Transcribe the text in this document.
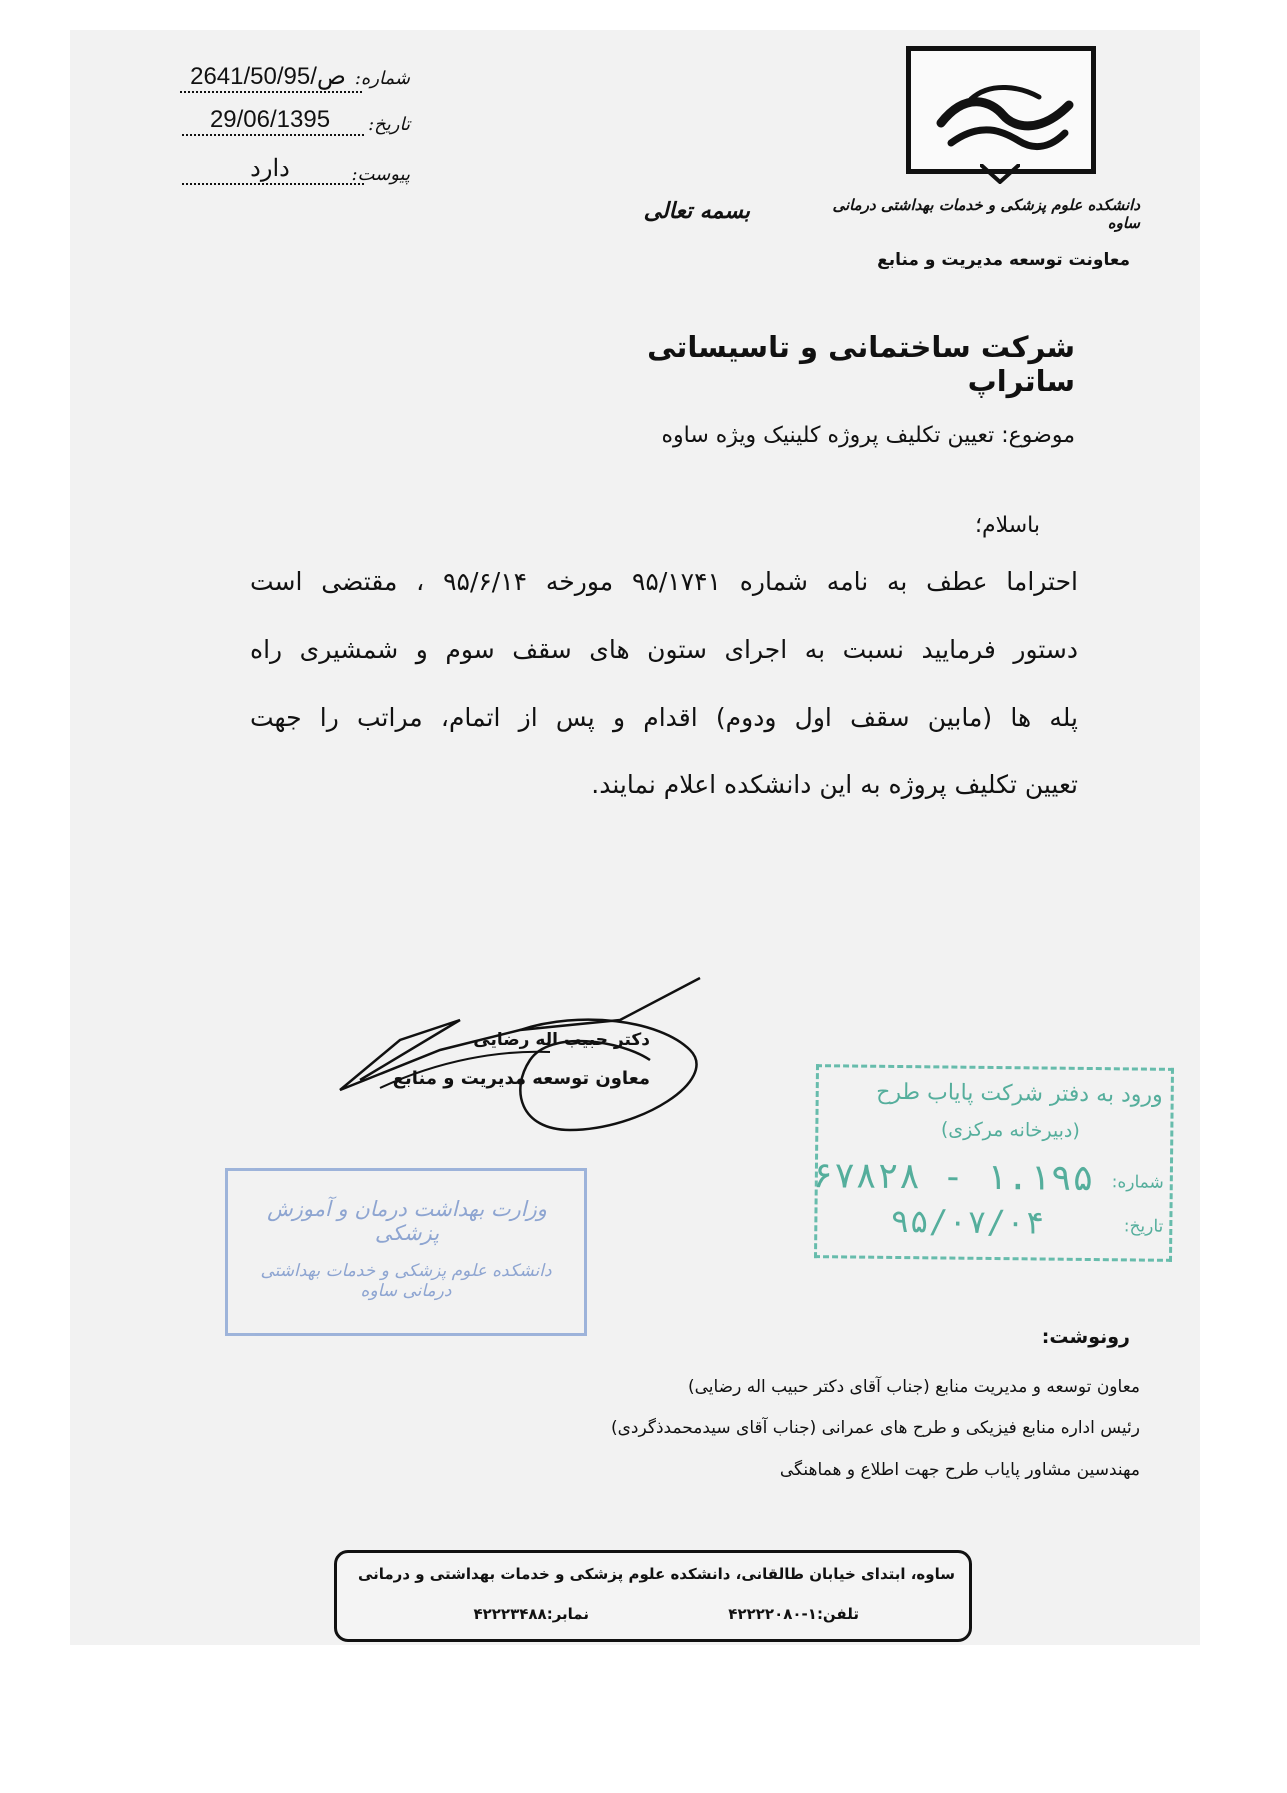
شماره:
2641/50/ص/95
تاریخ:
29/06/1395
پیوست:
دارد
دانشکده علوم پزشکی و خدمات بهداشتی درمانی ساوه
معاونت توسعه مدیریت و منابع
بسمه تعالی
شرکت ساختمانی و تاسیساتی ساتراپ
موضوع: تعیین تکلیف پروژه کلینیک ویژه ساوه
باسلام؛
احتراما عطف به نامه شماره ۹۵/۱۷۴۱ مورخه ۹۵/۶/۱۴ ، مقتضی است
دستور فرمایید نسبت به اجرای ستون های سقف سوم و شمشیری راه
پله ها (مابین سقف اول ودوم) اقدام و پس از اتمام، مراتب را جهت
تعیین تکلیف پروژه به این دانشکده اعلام نمایند.
دکتر حبیب اله رضایی
معاون توسعه مدیریت و منابع
ورود به دفتر شرکت پایاب طرح
(دبیرخانه مرکزی)
شماره:
۱.۱۹۵ - ۶۷۸۲۸
تاریخ:
۹۵/۰۷/۰۴
وزارت بهداشت درمان و آموزش پزشکی
دانشکده علوم پزشکی و خدمات بهداشتی درمانی ساوه
رونوشت:
معاون توسعه و مدیریت منابع (جناب آقای دکتر حبیب اله رضایی)
رئیس اداره منابع فیزیکی و طرح های عمرانی (جناب آقای سیدمحمدذگردی)
مهندسین مشاور پایاب طرح جهت اطلاع و هماهنگی
ساوه، ابتدای خیابان طالقانی، دانشکده علوم پزشکی و خدمات بهداشتی و درمانی
تلفن:۱-۴۲۲۲۲۰۸۰
نمابر:۴۲۲۲۳۴۸۸
